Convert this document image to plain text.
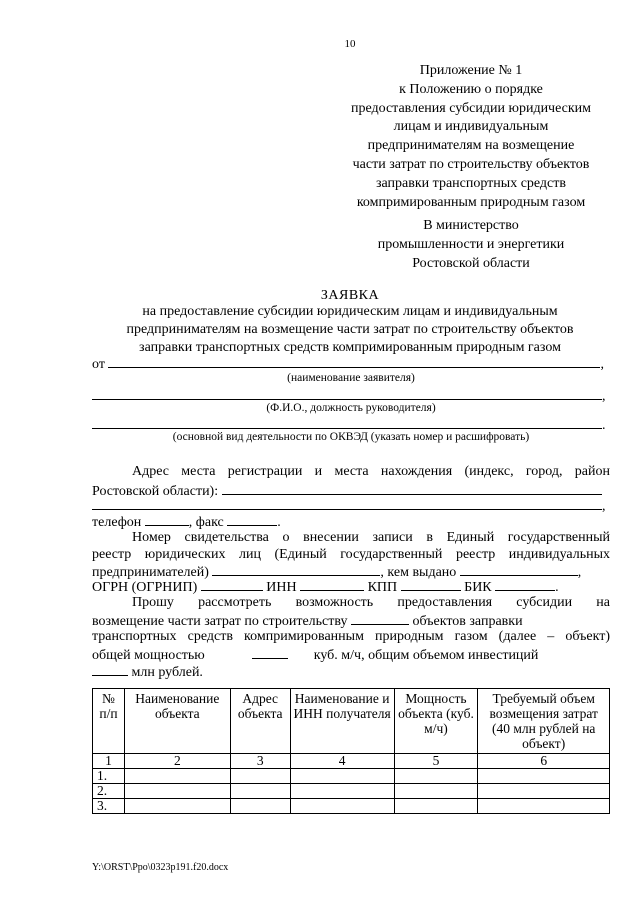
10
Приложение № 1
к Положению о порядке
предоставления субсидии юридическим
лицам и индивидуальным
предпринимателям на возмещение
части затрат по строительству объектов
заправки транспортных средств
компримированным природным газом
В министерство
промышленности и энергетики
Ростовской области
ЗАЯВКА
на предоставление субсидии юридическим лицам и индивидуальным
предпринимателям на возмещение части затрат по строительству объектов
заправки транспортных средств компримированным природным газом
от	,
(наименование заявителя)
,
(Ф.И.О., должность руководителя)
.
(основной вид деятельности по ОКВЭД (указать номер и расшифровать)
Адрес места регистрации и места нахождения (индекс, город, район
Ростовской области):
,
телефон	, факс	.
Номер свидетельства о внесении записи в Единый государственный
реестр юридических лиц (Единый государственный реестр индивидуальных
предпринимателей)	, кем выдано	,
ОГРН (ОГРНИП)	ИНН	КПП	БИК	.
Прошу рассмотреть возможность предоставления субсидии на
возмещение части затрат по строительству	объектов заправки
транспортных средств компримированным природным газом (далее – объект)
общей мощностью	куб. м/ч, общим объемом инвестиций
млн рублей.
№ п/п	Наименование объекта	Адрес объекта	Наименование и ИНН получателя	Мощность объекта (куб. м/ч)	Требуемый объем возмещения затрат (40 млн рублей на объект)
1	2	3	4	5	6
1.					
2.					
3.					
Y:\ORST\Ppo\0323p191.f20.docx
